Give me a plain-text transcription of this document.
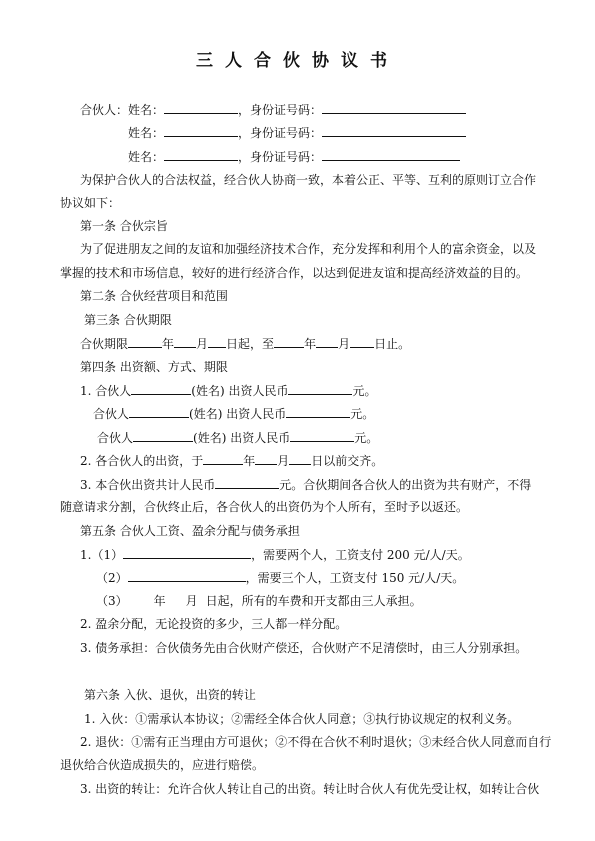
三人合伙协议书
合伙人：姓名：	，身份证号码：
姓名：	，身份证号码：
姓名：	，身份证号码：
为保护合伙人的合法权益，经合伙人协商一致，本着公正、平等、互利的原则订立合作
协议如下：
第一条 合伙宗旨
为了促进朋友之间的友谊和加强经济技术合作，充分发挥和利用个人的富余资金，以及
掌握的技术和市场信息，较好的进行经济合作，以达到促进友谊和提高经济效益的目的。
第二条 合伙经营项目和范围
第三条 合伙期限
合伙期限	年 月 日起，至	年 月 日止。
第四条 出资额、方式、期限
1. 合伙人	(姓名) 出资人民币	元。
合伙人	(姓名) 出资人民币	元。
合伙人	(姓名) 出资人民币	元。
2. 各合伙人的出资，于	年 月 日以前交齐。
3. 本合伙出资共计人民币	元。合伙期间各合伙人的出资为共有财产，不得
随意请求分割，合伙终止后，各合伙人的出资仍为个人所有，至时予以返还。
第五条 合伙人工资、盈余分配与债务承担
1.（1）	，需要两个人，工资支付 200 元/人/天。
（2）	，需要三个人，工资支付 150 元/人/天。
（3） 年 月 日起，所有的车费和开支都由三人承担。
2. 盈余分配，无论投资的多少，三人都一样分配。
3. 债务承担：合伙债务先由合伙财产偿还，合伙财产不足清偿时，由三人分别承担。
第六条 入伙、退伙，出资的转让
1. 入伙：①需承认本协议；②需经全体合伙人同意；③执行协议规定的权利义务。
2. 退伙：①需有正当理由方可退伙；②不得在合伙不利时退伙；③未经合伙人同意而自行
退伙给合伙造成损失的，应进行赔偿。
3. 出资的转让：允许合伙人转让自己的出资。转让时合伙人有优先受让权，如转让合伙
